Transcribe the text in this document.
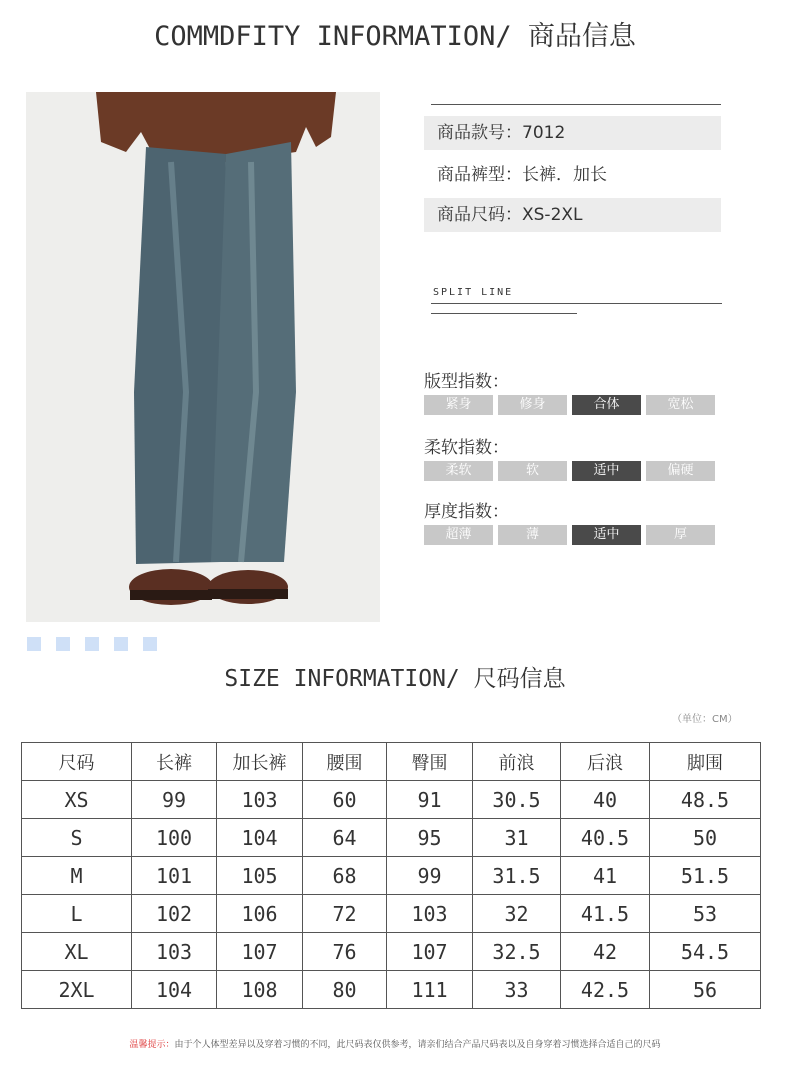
COMMDFITY INFORMATION/ 商品信息
商品款号：7012
商品裤型：长裤．加长
商品尺码：XS-2XL
SPLIT LINE
版型指数：
紧身	修身	合体	宽松
柔软指数：
柔软	软	适中	偏硬
厚度指数：
超薄	薄	适中	厚
SIZE INFORMATION/ 尺码信息
（单位：CM）
尺码	长裤	加长裤	腰围	臀围	前浪	后浪	脚围
XS	99	103	60	91	30.5	40	48.5
S	100	104	64	95	31	40.5	50
M	101	105	68	99	31.5	41	51.5
L	102	106	72	103	32	41.5	53
XL	103	107	76	107	32.5	42	54.5
2XL	104	108	80	111	33	42.5	56
温馨提示：由于个人体型差异以及穿着习惯的不同，此尺码表仅供参考，请亲们结合产品尺码表以及自身穿着习惯选择合适自己的尺码
